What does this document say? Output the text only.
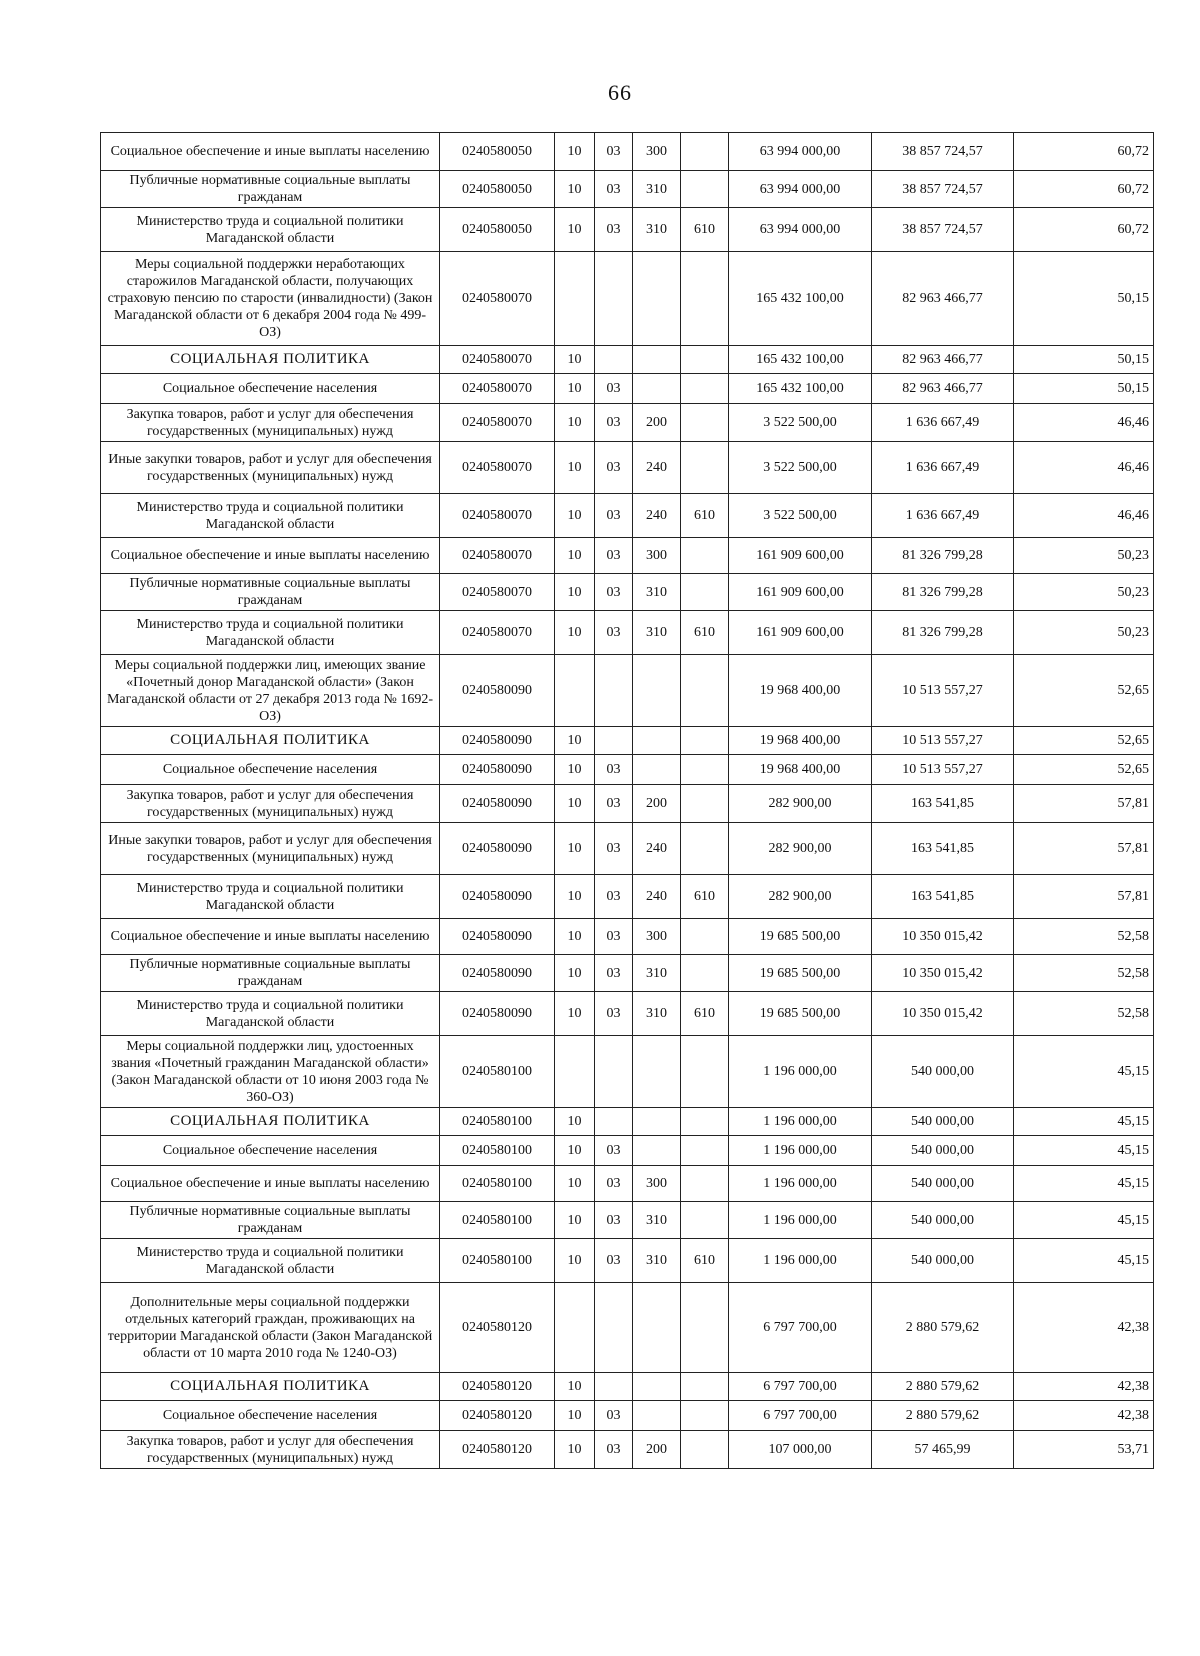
66
Социальное обеспечение и иные выплаты населению	0240580050	10	03	300		63 994 000,00	38 857 724,57	60,72
Публичные нормативные социальные выплаты гражданам	0240580050	10	03	310		63 994 000,00	38 857 724,57	60,72
Министерство труда и социальной политики Магаданской области	0240580050	10	03	310	610	63 994 000,00	38 857 724,57	60,72
Меры социальной поддержки неработающих старожилов Магаданской области, получающих страховую пенсию по старости (инвалидности) (Закон Магаданской области от 6 декабря 2004 года № 499-ОЗ)	0240580070					165 432 100,00	82 963 466,77	50,15
СОЦИАЛЬНАЯ ПОЛИТИКА	0240580070	10				165 432 100,00	82 963 466,77	50,15
Социальное обеспечение населения	0240580070	10	03			165 432 100,00	82 963 466,77	50,15
Закупка товаров, работ и услуг для обеспечения государственных (муниципальных) нужд	0240580070	10	03	200		3 522 500,00	1 636 667,49	46,46
Иные закупки товаров, работ и услуг для обеспечения государственных (муниципальных) нужд	0240580070	10	03	240		3 522 500,00	1 636 667,49	46,46
Министерство труда и социальной политики Магаданской области	0240580070	10	03	240	610	3 522 500,00	1 636 667,49	46,46
Социальное обеспечение и иные выплаты населению	0240580070	10	03	300		161 909 600,00	81 326 799,28	50,23
Публичные нормативные социальные выплаты гражданам	0240580070	10	03	310		161 909 600,00	81 326 799,28	50,23
Министерство труда и социальной политики Магаданской области	0240580070	10	03	310	610	161 909 600,00	81 326 799,28	50,23
Меры социальной поддержки лиц, имеющих звание «Почетный донор Магаданской области» (Закон Магаданской области от 27 декабря 2013 года № 1692-ОЗ)	0240580090					19 968 400,00	10 513 557,27	52,65
СОЦИАЛЬНАЯ ПОЛИТИКА	0240580090	10				19 968 400,00	10 513 557,27	52,65
Социальное обеспечение населения	0240580090	10	03			19 968 400,00	10 513 557,27	52,65
Закупка товаров, работ и услуг для обеспечения государственных (муниципальных) нужд	0240580090	10	03	200		282 900,00	163 541,85	57,81
Иные закупки товаров, работ и услуг для обеспечения государственных (муниципальных) нужд	0240580090	10	03	240		282 900,00	163 541,85	57,81
Министерство труда и социальной политики Магаданской области	0240580090	10	03	240	610	282 900,00	163 541,85	57,81
Социальное обеспечение и иные выплаты населению	0240580090	10	03	300		19 685 500,00	10 350 015,42	52,58
Публичные нормативные социальные выплаты гражданам	0240580090	10	03	310		19 685 500,00	10 350 015,42	52,58
Министерство труда и социальной политики Магаданской области	0240580090	10	03	310	610	19 685 500,00	10 350 015,42	52,58
Меры социальной поддержки лиц, удостоенных звания «Почетный гражданин Магаданской области» (Закон Магаданской области от 10 июня 2003 года № 360-ОЗ)	0240580100					1 196 000,00	540 000,00	45,15
СОЦИАЛЬНАЯ ПОЛИТИКА	0240580100	10				1 196 000,00	540 000,00	45,15
Социальное обеспечение населения	0240580100	10	03			1 196 000,00	540 000,00	45,15
Социальное обеспечение и иные выплаты населению	0240580100	10	03	300		1 196 000,00	540 000,00	45,15
Публичные нормативные социальные выплаты гражданам	0240580100	10	03	310		1 196 000,00	540 000,00	45,15
Министерство труда и социальной политики Магаданской области	0240580100	10	03	310	610	1 196 000,00	540 000,00	45,15
Дополнительные меры социальной поддержки отдельных категорий граждан, проживающих на территории Магаданской области (Закон Магаданской области от 10 марта 2010 года № 1240-ОЗ)	0240580120					6 797 700,00	2 880 579,62	42,38
СОЦИАЛЬНАЯ ПОЛИТИКА	0240580120	10				6 797 700,00	2 880 579,62	42,38
Социальное обеспечение населения	0240580120	10	03			6 797 700,00	2 880 579,62	42,38
Закупка товаров, работ и услуг для обеспечения государственных (муниципальных) нужд	0240580120	10	03	200		107 000,00	57 465,99	53,71
